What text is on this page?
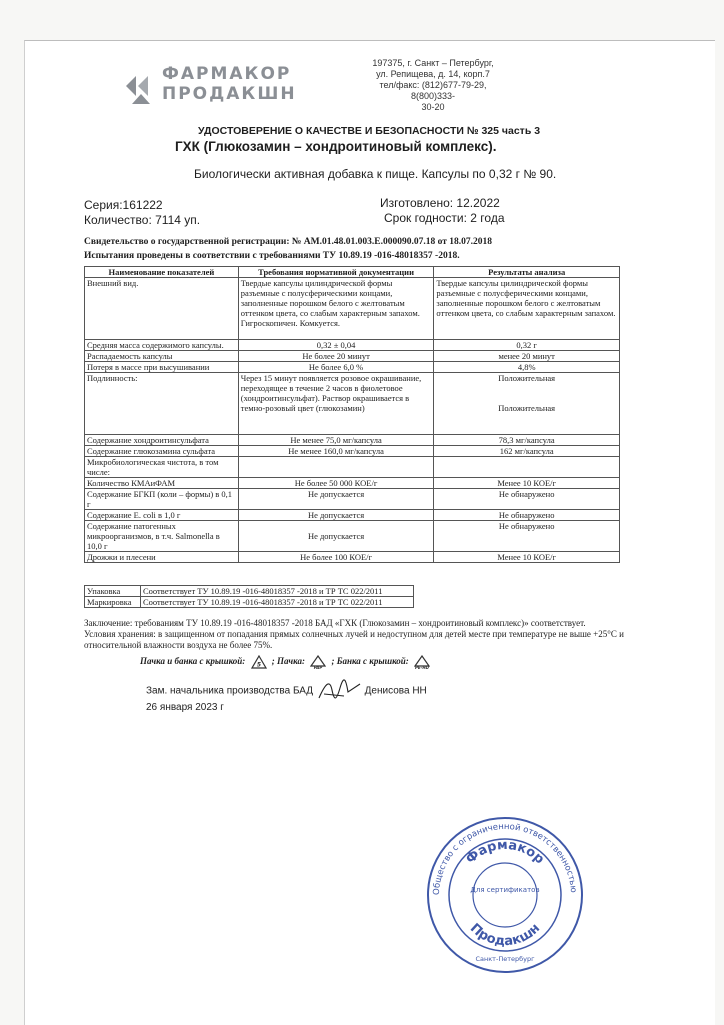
ФАРМАКОР
ПРОДАКШН
197375, г. Санкт – Петербург,
ул. Репищева, д. 14, корп.7
тел/факс: (812)677-79-29, 8(800)333-
30-20
УДОСТОВЕРЕНИЕ О КАЧЕСТВЕ И БЕЗОПАСНОСТИ № 325 часть 3
ГХК (Глюкозамин – хондроитиновый комплекс).
Биологически активная добавка к пище. Капсулы по 0,32 г № 90.
Серия:161222
Количество: 7114 уп.
Изготовлено: 12.2022
Срок годности: 2 года
Свидетельство о государственной регистрации: № AM.01.48.01.003.E.000090.07.18 от 18.07.2018
Испытания проведены в соответствии с требованиями ТУ 10.89.19 -016-48018357 -2018.
Наименование показателей	Требования нормативной документации	Результаты анализа
Внешний вид.	Твердые капсулы цилиндрической формы разъемные с полусферическими концами, заполненные порошком белого с желтоватым оттенком цвета, со слабым характерным запахом. Гигроскопичен. Комкуется.	Твердые капсулы цилиндрической формы разъемные с полусферическими концами, заполненные порошком белого с желтоватым оттенком цвета, со слабым характерным запахом.
Средняя масса содержимого капсулы.	0,32 ± 0,04	0,32 г
Распадаемость капсулы	Не более 20 минут	менее 20 минут
Потеря в массе при высушивании	Не более 6,0 %	4,8%
Подлинность:	Через 15 минут появляется розовое окрашивание, переходящее в течение 2 часов в фиолетовое (хондроитинсульфат). Раствор окрашивается в темно-розовый цвет (глюкозамин)	Положительная
Положительная

Содержание хондроитинсульфата	Не менее 75,0 мг/капсула	78,3 мг/капсула
Содержание глюкозамина сульфата	Не менее 160,0 мг/капсула	162 мг/капсула
Микробиологическая чистота, в том числе:		
Количество КМАиФАМ	Не более 50 000 КОЕ/г	Менее 10 КОЕ/г
Содержание БГКП (коли – формы) в 0,1 г	Не допускается	Не обнаружено
Содержание E. coli в 1,0 г	Не допускается	Не обнаружено
Содержание патогенных микроорганизмов, в т.ч. Salmonella в 10,0 г	Не допускается	Не обнаружено
Дрожжи и плесени	Не более 100 КОЕ/г	Менее 10 КОЕ/г
Упаковка	Соответствует ТУ 10.89.19 -016-48018357 -2018 и ТР ТС 022/2011
Маркировка	Соответствует ТУ 10.89.19 -016-48018357 -2018 и ТР ТС 022/2011
Заключение: требованиям ТУ 10.89.19 -016-48018357 -2018 БАД «ГХК (Глюкозамин – хондроитиновый комплекс)» соответствует.
Условия хранения: в защищенном от попадания прямых солнечных лучей и недоступном для детей месте при температуре не выше +25°С и относительной влажности воздуха не более 75%.
Пачка и банка с крышкой: 5 ; Пачка:
PAP
; Банка с крышкой:
PE-HD
Зам. начальника производства БАД	Денисова НН
26 января 2023 г
Общество с ограниченной ответственностью
Фармакор
Продакшн
Для сертификатов
Санкт-Петербург
